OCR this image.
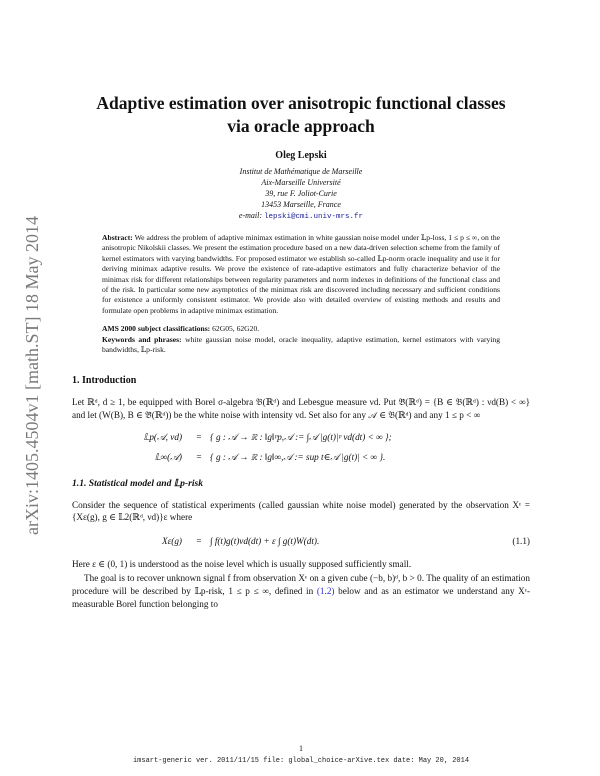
arXiv:1405.4504v1 [math.ST] 18 May 2014
Adaptive estimation over anisotropic functional classes
via oracle approach
Oleg Lepski
Institut de Mathématique de Marseille
Aix-Marseille Université
39, rue F. Joliot-Curie
13453 Marseille, France
e-mail: lepski@cmi.univ-mrs.fr
Abstract: We address the problem of adaptive minimax estimation in white gaussian noise model under 𝕃p-loss, 1 ≤ p ≤ ∞, on the anisotropic Nikolskii classes. We present the estimation procedure based on a new data-driven selection scheme from the family of kernel estimators with varying bandwidths. For proposed estimator we establish so-called 𝕃p-norm oracle inequality and use it for deriving minimax adaptive results. We prove the existence of rate-adaptive estimators and fully characterize behavior of the minimax risk for different relationships between regularity parameters and norm indexes in definitions of the functional class and of the risk. In particular some new asymptotics of the minimax risk are discovered including necessary and sufficient conditions for existence a uniformly consistent estimator. We provide also with detailed overview of existing methods and results and formulate open problems in adaptive minimax estimation.
AMS 2000 subject classifications: 62G05, 62G20.
Keywords and phrases: white gaussian noise model, oracle inequality, adaptive estimation, kernel estimators with varying bandwidths, 𝕃p-risk.
1. Introduction
Let ℝᵈ, d ≥ 1, be equipped with Borel σ-algebra 𝔅(ℝᵈ) and Lebesgue measure νd. Put 𝔅̃(ℝᵈ) = {B ∈ 𝔅(ℝᵈ) : νd(B) < ∞} and let (W(B), B ∈ 𝔅̃(ℝᵈ)) be the white noise with intensity νd. Set also for any 𝒜 ∈ 𝔅(ℝᵈ) and any 1 ≤ p < ∞
𝕃p(𝒜, νd)	= { g : 𝒜 → ℝ : ‖g‖ᵖp,𝒜 := ∫𝒜 |g(t)|ᵖ νd(dt) < ∞ };
𝕃∞(𝒜)	= { g : 𝒜 → ℝ : ‖g‖∞,𝒜 := sup t∈𝒜 |g(t)| < ∞ }.
1.1. Statistical model and 𝕃p-risk
Consider the sequence of statistical experiments (called gaussian white noise model) generated by the observation Xᵋ = {Xε(g), g ∈ 𝕃2(ℝᵈ, νd)}ε where
Xε(g)	= ∫ f(t)g(t)νd(dt) + ε ∫ g(t)W(dt).	(1.1)
Here ε ∈ (0, 1) is understood as the noise level which is usually supposed sufficiently small.
The goal is to recover unknown signal f from observation Xᵋ on a given cube (−b, b)ᵈ, b > 0. The quality of an estimation procedure will be described by 𝕃p-risk, 1 ≤ p ≤ ∞, defined in (1.2) below and as an estimator we understand any Xᵋ-measurable Borel function belonging to
1
imsart-generic ver. 2011/11/15 file: global_choice-arXive.tex date: May 20, 2014
